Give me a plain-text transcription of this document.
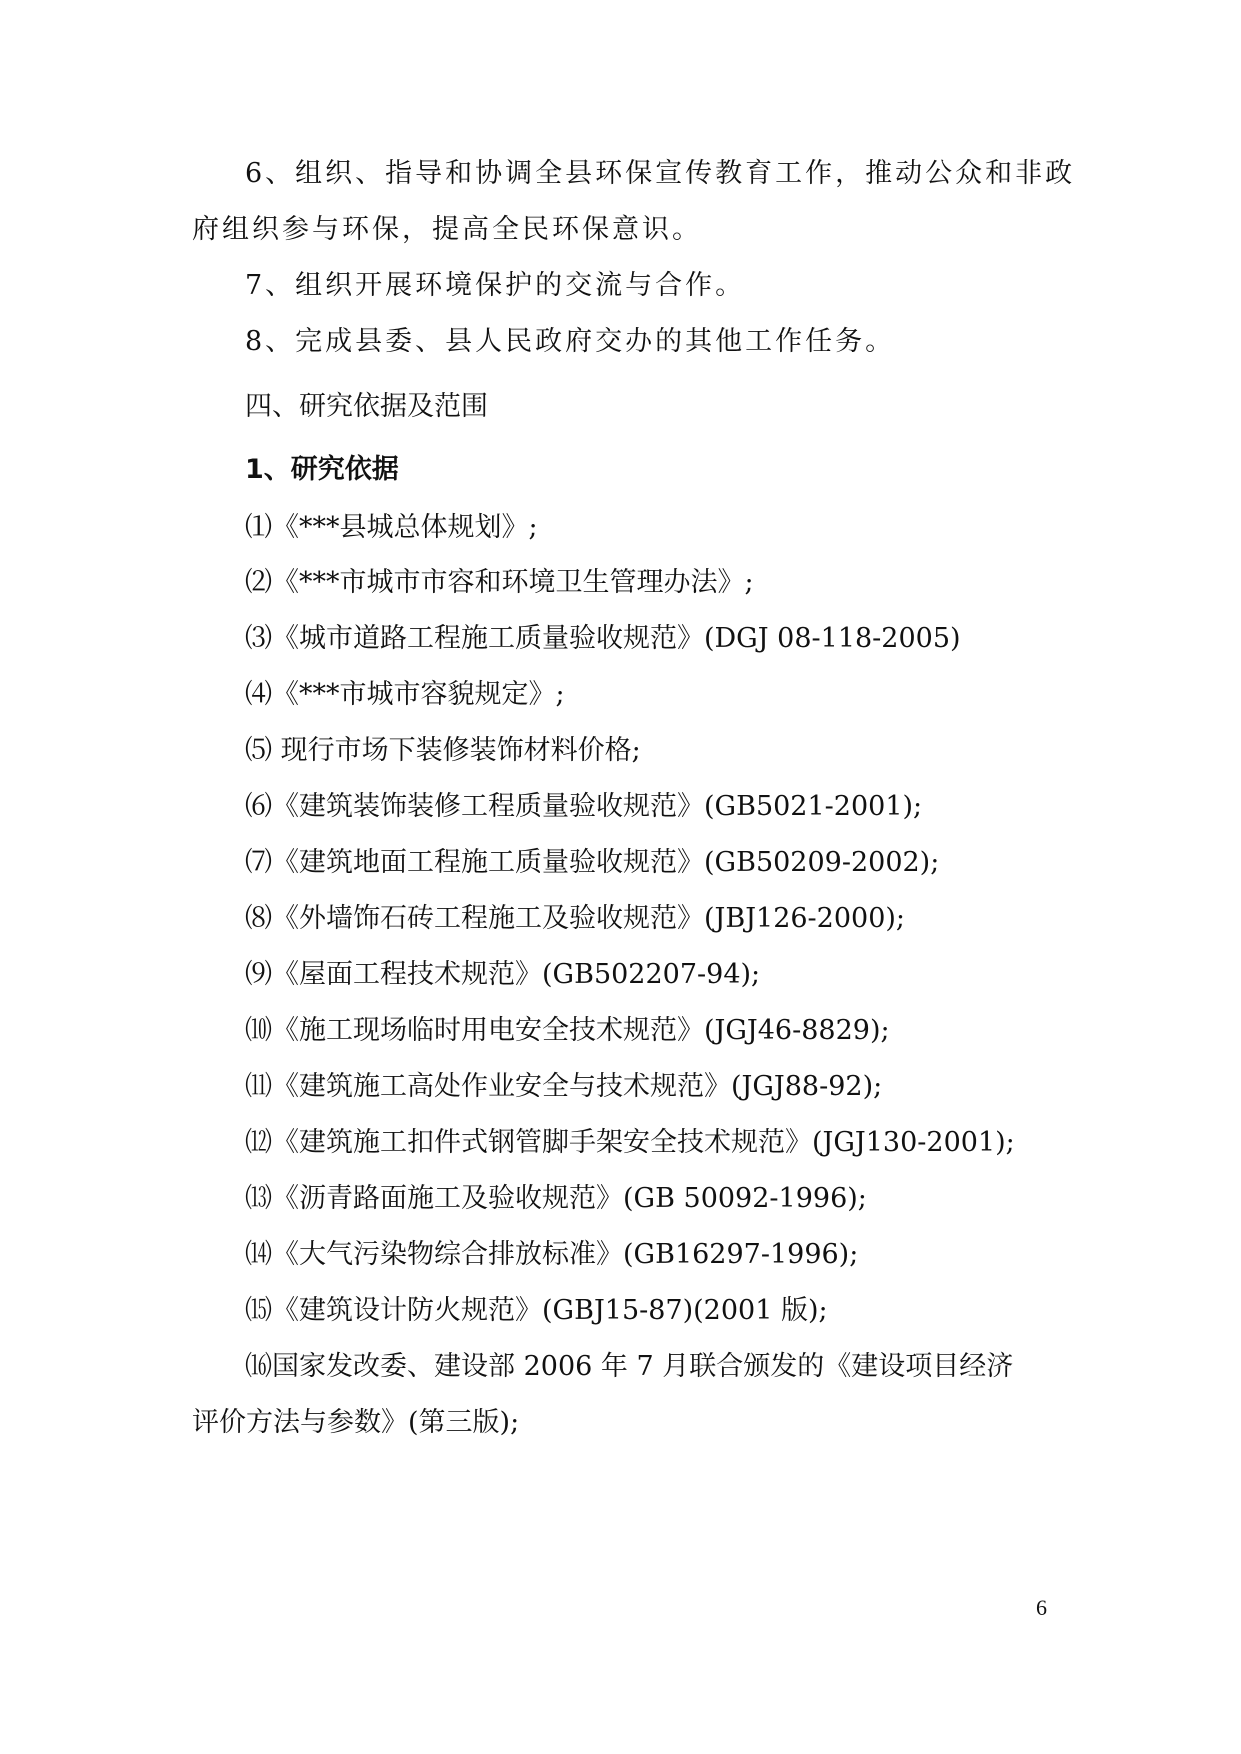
6、组织、指导和协调全县环保宣传教育工作，推动公众和非政
府组织参与环保，提高全民环保意识。
7、组织开展环境保护的交流与合作。
8、完成县委、县人民政府交办的其他工作任务。
四、研究依据及范围
1、研究依据
⑴《***县城总体规划》;
⑵《***市城市市容和环境卫生管理办法》;
⑶《城市道路工程施工质量验收规范》(DGJ 08-118-2005)
⑷《***市城市容貌规定》;
⑸ 现行市场下装修装饰材料价格;
⑹《建筑装饰装修工程质量验收规范》(GB5021-2001);
⑺《建筑地面工程施工质量验收规范》(GB50209-2002);
⑻《外墙饰石砖工程施工及验收规范》(JBJ126-2000);
⑼《屋面工程技术规范》(GB502207-94);
⑽《施工现场临时用电安全技术规范》(JGJ46-8829);
⑾《建筑施工高处作业安全与技术规范》(JGJ88-92);
⑿《建筑施工扣件式钢管脚手架安全技术规范》(JGJ130-2001);
⒀《沥青路面施工及验收规范》(GB 50092-1996);
⒁《大气污染物综合排放标准》(GB16297-1996);
⒂《建筑设计防火规范》(GBJ15-87)(2001 版);
⒃国家发改委、建设部 2006 年 7 月联合颁发的《建设项目经济
评价方法与参数》(第三版);
6
